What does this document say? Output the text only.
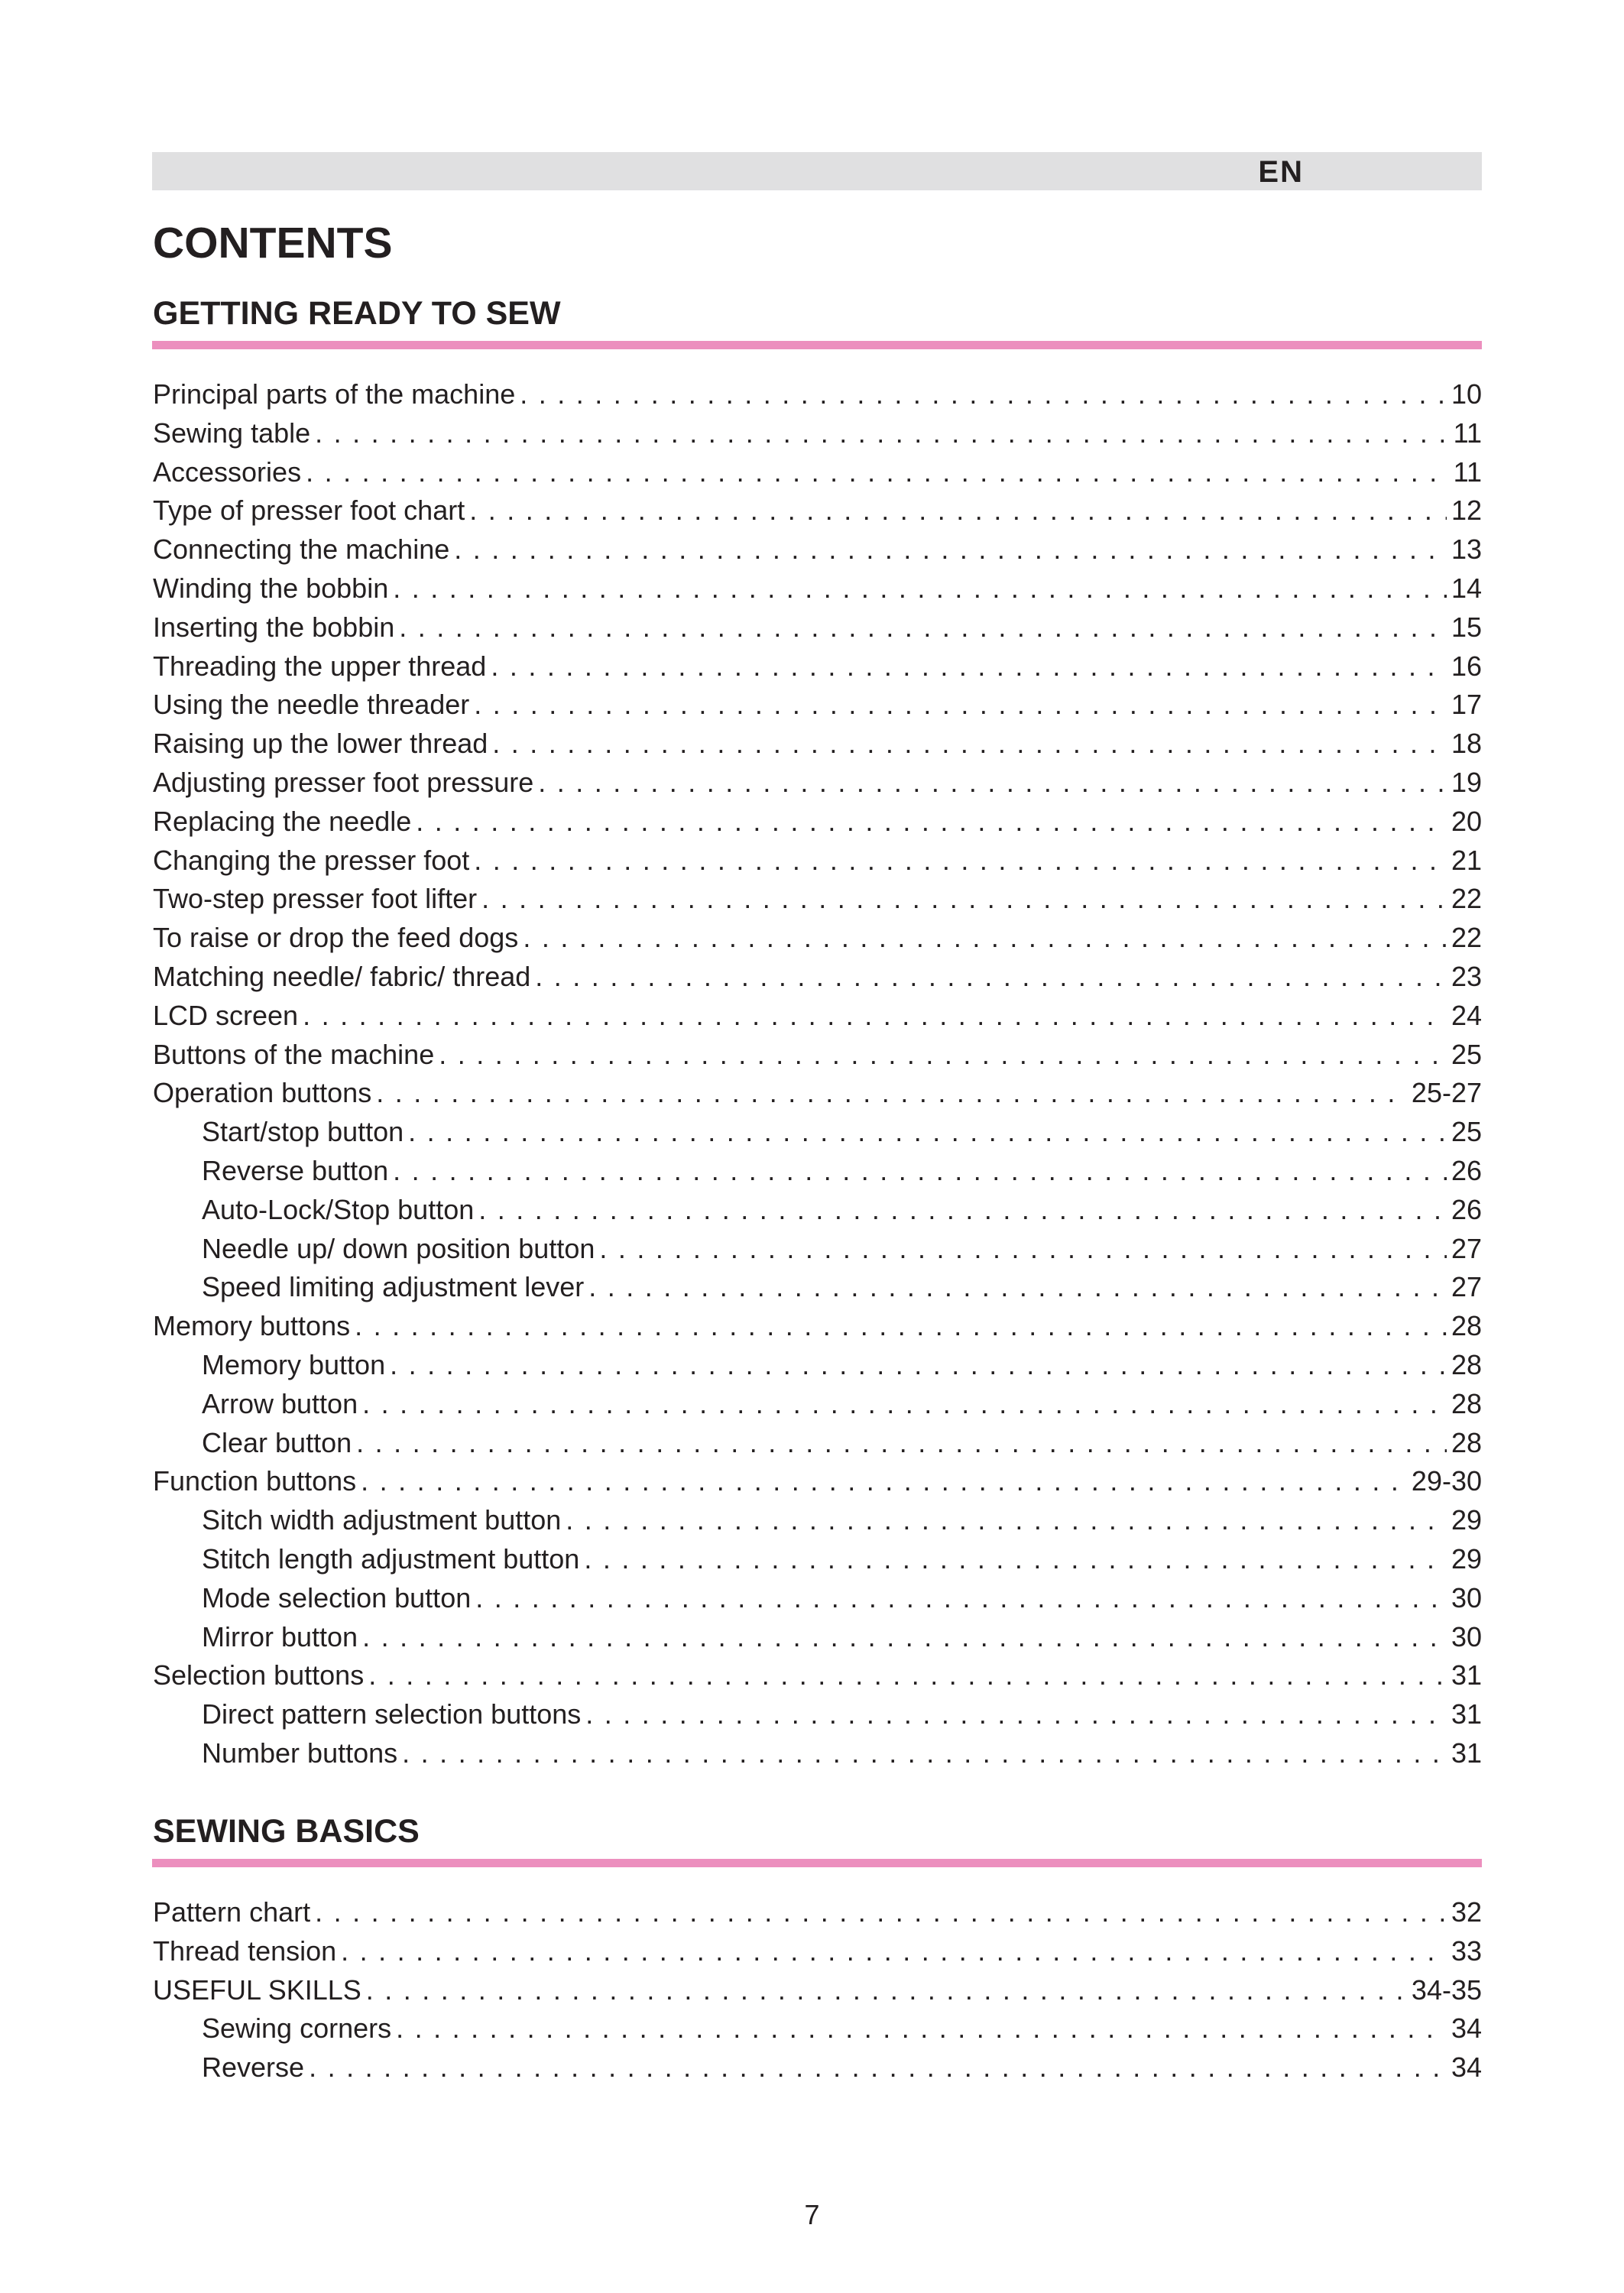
EN
CONTENTS
GETTING READY TO SEW
Principal parts of the machine . . .	10
Sewing table . . .	11
Accessories . . .	11
Type of presser foot chart . . .	12
Connecting the machine . . .	13
Winding the bobbin . . .	14
Inserting the bobbin . . .	15
Threading the upper thread . . .	16
Using the needle threader . . .	17
Raising up the lower thread . . .	18
Adjusting presser foot pressure . . .	19
Replacing the needle . . .	20
Changing the presser foot . . .	21
Two-step presser foot lifter . . .	22
To raise or drop the feed dogs . . .	22
Matching needle/ fabric/ thread . . .	23
LCD screen . . .	24
Buttons of the machine . . .	25
Operation buttons . . .	25-27
Start/stop button . . .	25
Reverse button . . .	26
Auto-Lock/Stop button . . .	26
Needle up/ down position button . . .	27
Speed limiting adjustment lever . . .	27
Memory buttons . . .	28
Memory button . . .	28
Arrow button . . .	28
Clear button . . .	28
Function buttons . . .	29-30
Sitch width adjustment button . . .	29
Stitch length adjustment button . . .	29
Mode selection button . . .	30
Mirror button . . .	30
Selection buttons . . .	31
Direct pattern selection buttons . . .	31
Number buttons . . .	31
SEWING BASICS
Pattern chart . . .	32
Thread tension . . .	33
USEFUL SKILLS . . .	34-35
Sewing corners . . .	34
Reverse . . .	34
7
